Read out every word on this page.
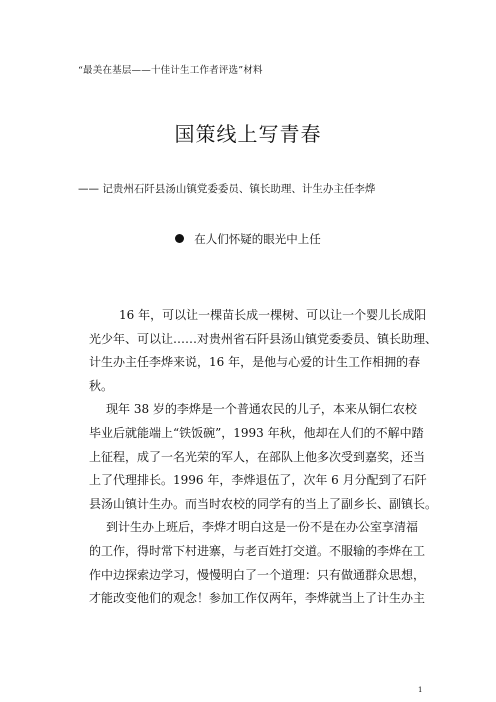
“最美在基层——十佳计生工作者评选”材料
国策线上写青春
—— 记贵州石阡县汤山镇党委委员、镇长助理、计生办主任李烨
在人们怀疑的眼光中上任
16 年，可以让一棵苗长成一棵树、可以让一个婴儿长成阳
光少年、可以让……对贵州省石阡县汤山镇党委委员、镇长助理、
计生办主任李烨来说，16 年，是他与心爱的计生工作相拥的春
秋。
现年 38 岁的李烨是一个普通农民的儿子，本来从铜仁农校
毕业后就能端上“铁饭碗”，1993 年秋，他却在人们的不解中踏
上征程，成了一名光荣的军人，在部队上他多次受到嘉奖，还当
上了代理排长。1996 年，李烨退伍了，次年 6 月分配到了石阡
县汤山镇计生办。而当时农校的同学有的当上了副乡长、副镇长。
到计生办上班后，李烨才明白这是一份不是在办公室享清福
的工作，得时常下村进寨，与老百姓打交道。不服输的李烨在工
作中边探索边学习，慢慢明白了一个道理：只有做通群众思想，
才能改变他们的观念！参加工作仅两年，李烨就当上了计生办主
1
